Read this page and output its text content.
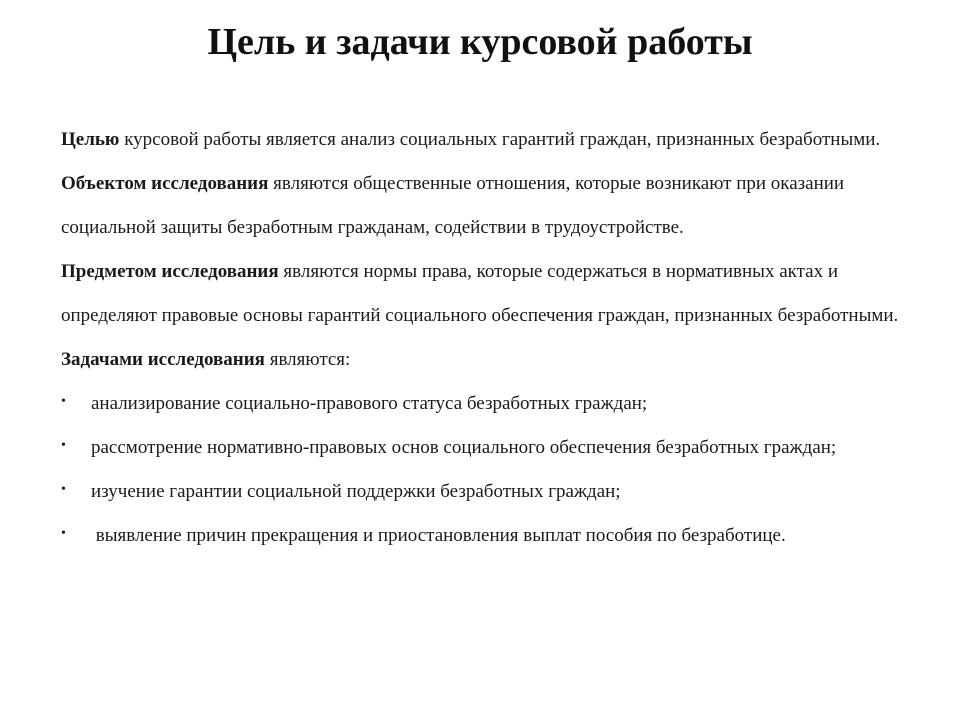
Цель и задачи курсовой работы

Целью курсовой работы является анализ социальных гарантий граждан, признанных безработными.

Объектом исследования являются общественные отношения, которые возникают при оказании социальной защиты безработным гражданам, содействии в трудоустройстве.

Предметом исследования являются нормы права, которые содержаться в нормативных актах и определяют правовые основы гарантий социального обеспечения граждан, признанных безработными.

Задачами исследования являются:

• анализирование социально-правового статуса безработных граждан;
• рассмотрение нормативно-правовых основ социального обеспечения безработных граждан;
• изучение гарантии социальной поддержки безработных граждан;
• выявление причин прекращения и приостановления выплат пособия по безработице.
